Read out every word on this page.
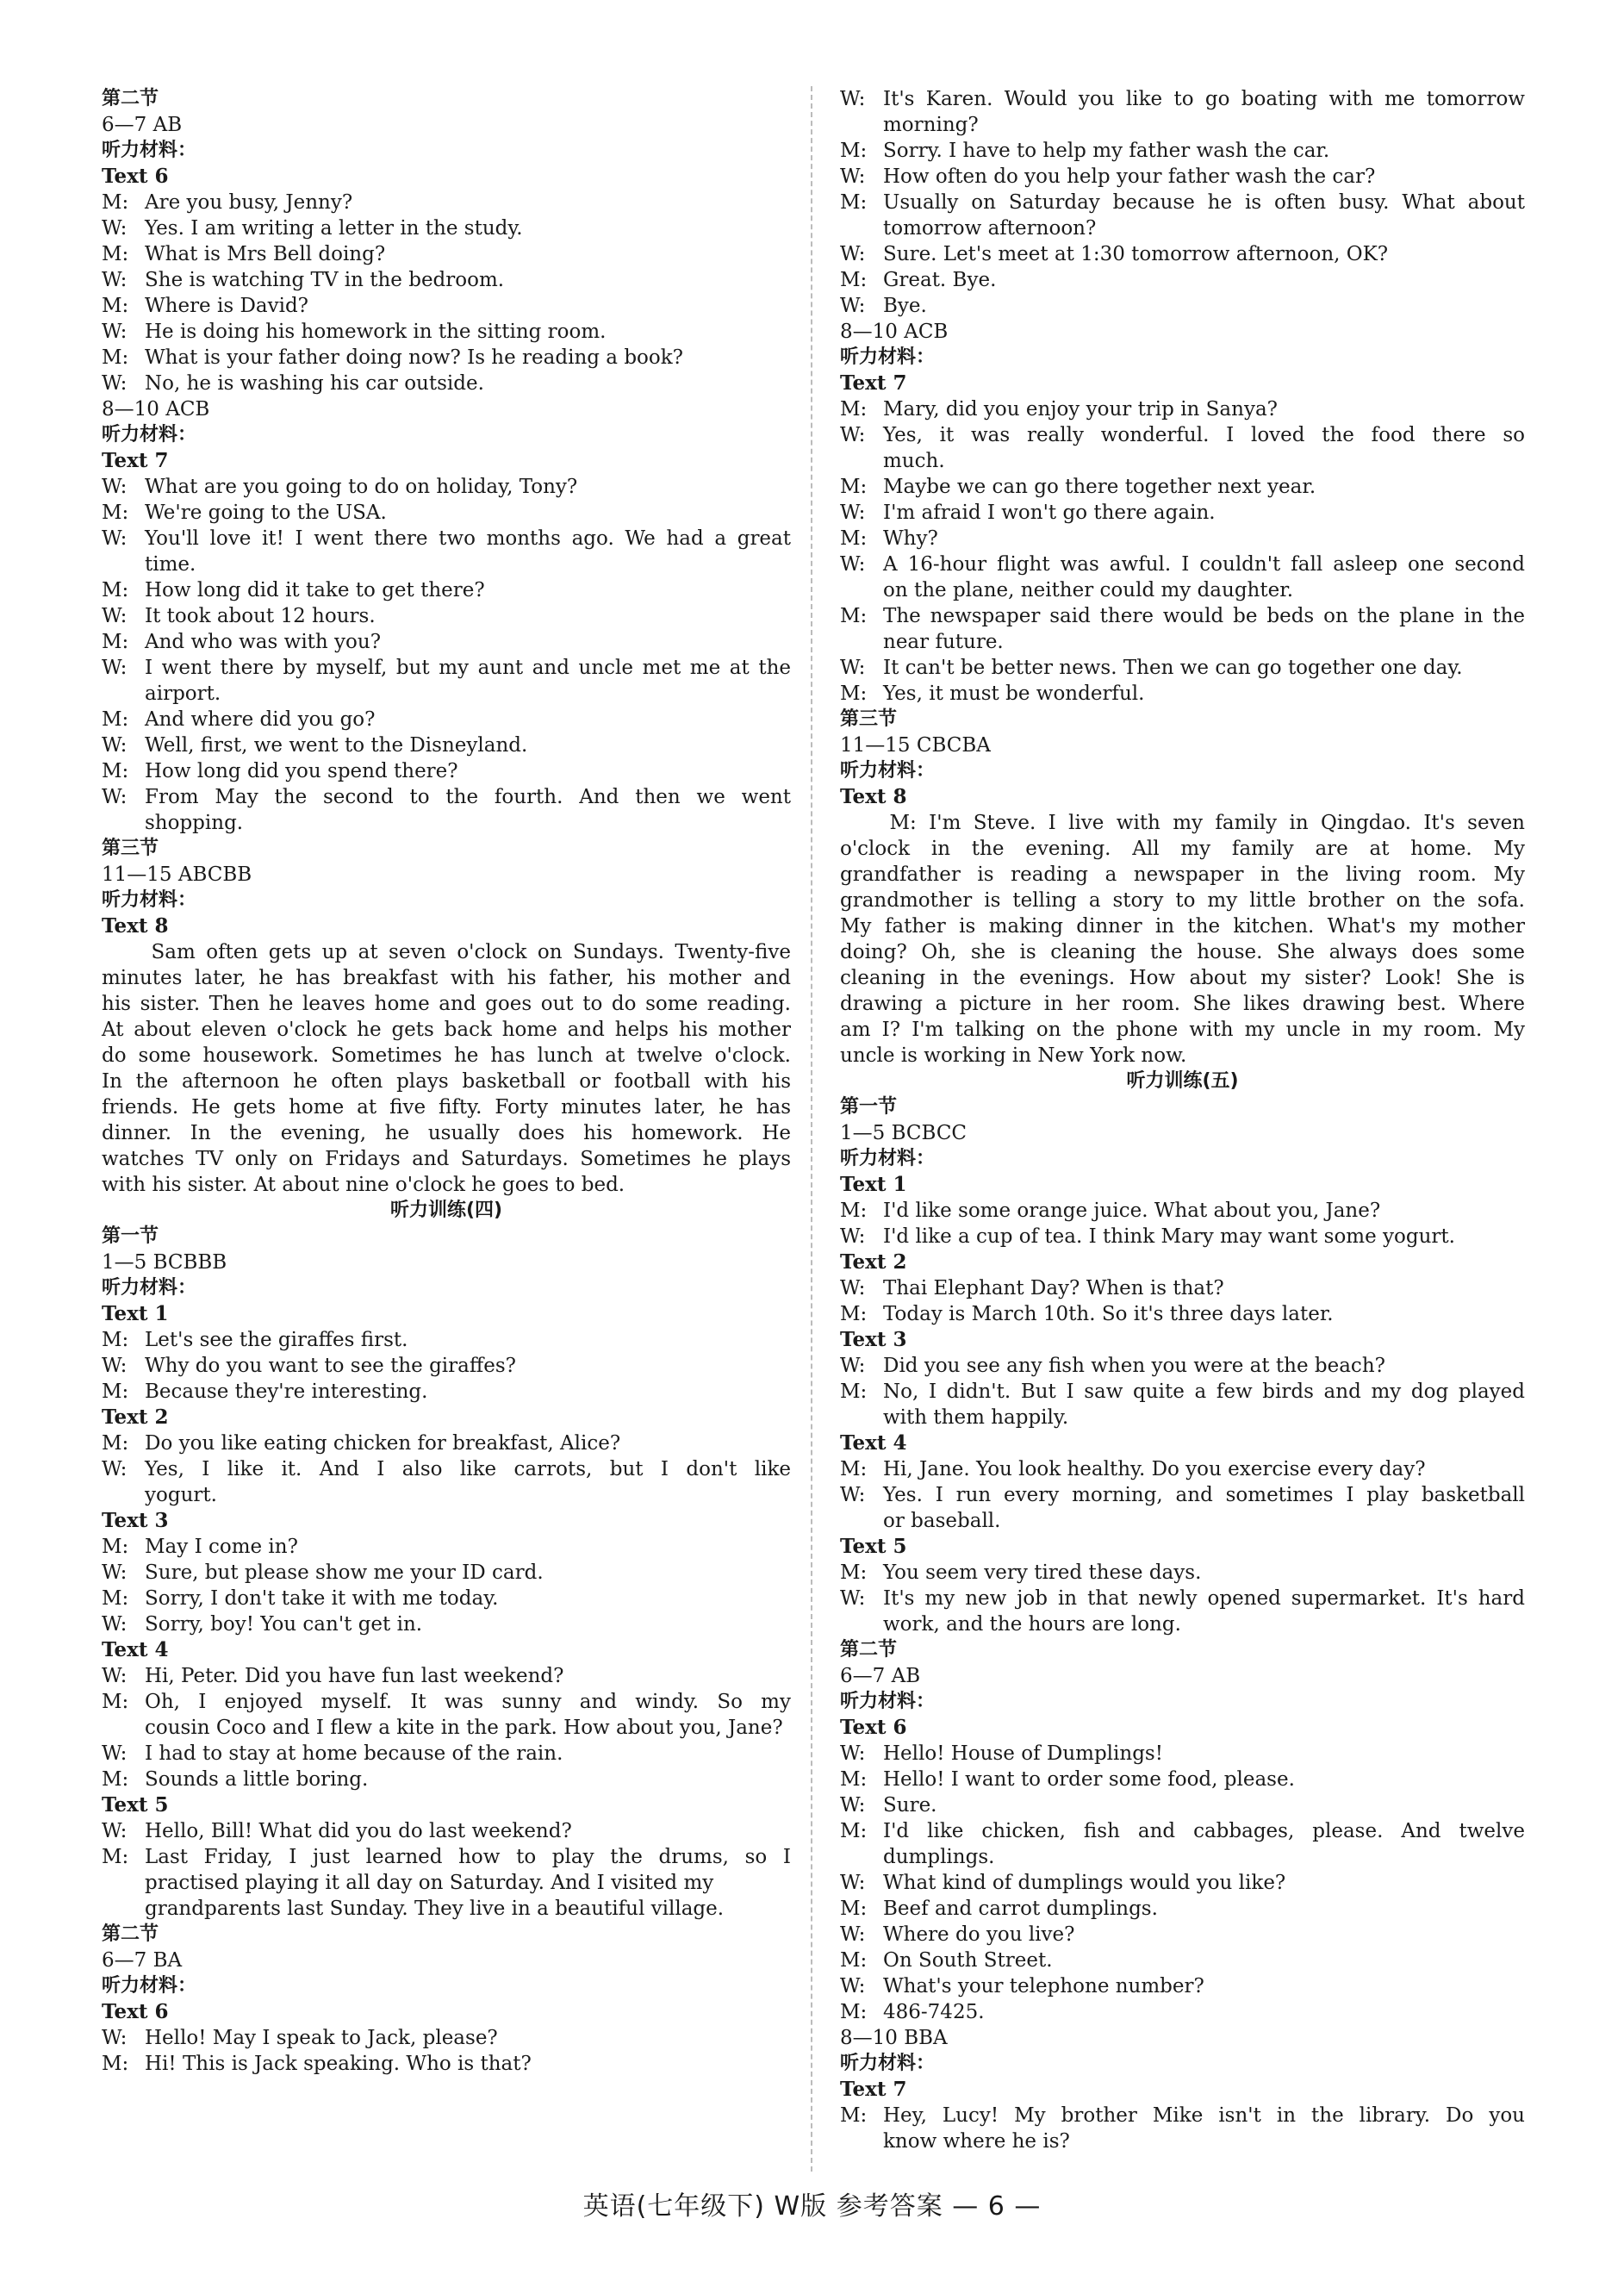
第二节
6—7 AB
听力材料：
Text 6
M: Are you busy, Jenny?
W: Yes. I am writing a letter in the study.
M: What is Mrs Bell doing?
W: She is watching TV in the bedroom.
M: Where is David?
W: He is doing his homework in the sitting room.
M: What is your father doing now? Is he reading a book?
W: No, he is washing his car outside.
8—10 ACB
听力材料：
Text 7
W: What are you going to do on holiday, Tony?
M: We're going to the USA.
W: You'll love it! I went there two months ago. We had a great
time.
M: How long did it take to get there?
W: It took about 12 hours.
M: And who was with you?
W: I went there by myself, but my aunt and uncle met me at the
airport.
M: And where did you go?
W: Well, first, we went to the Disneyland.
M: How long did you spend there?
W: From May the second to the fourth. And then we went
shopping.
第三节
11—15 ABCBB
听力材料：
Text 8
Sam often gets up at seven o'clock on Sundays. Twenty-five
minutes later, he has breakfast with his father, his mother and
his sister. Then he leaves home and goes out to do some reading.
At about eleven o'clock he gets back home and helps his mother
do some housework. Sometimes he has lunch at twelve o'clock.
In the afternoon he often plays basketball or football with his
friends. He gets home at five fifty. Forty minutes later, he has
dinner. In the evening, he usually does his homework. He
watches TV only on Fridays and Saturdays. Sometimes he plays
with his sister. At about nine o'clock he goes to bed.
听力训练(四)
第一节
1—5 BCBBB
听力材料：
Text 1
M: Let's see the giraffes first.
W: Why do you want to see the giraffes?
M: Because they're interesting.
Text 2
M: Do you like eating chicken for breakfast, Alice?
W: Yes, I like it. And I also like carrots, but I don't like
yogurt.
Text 3
M: May I come in?
W: Sure, but please show me your ID card.
M: Sorry, I don't take it with me today.
W: Sorry, boy! You can't get in.
Text 4
W: Hi, Peter. Did you have fun last weekend?
M: Oh, I enjoyed myself. It was sunny and windy. So my
cousin Coco and I flew a kite in the park. How about you, Jane?
W: I had to stay at home because of the rain.
M: Sounds a little boring.
Text 5
W: Hello, Bill! What did you do last weekend?
M: Last Friday, I just learned how to play the drums, so I
practised playing it all day on Saturday. And I visited my
grandparents last Sunday. They live in a beautiful village.
第二节
6—7 BA
听力材料：
Text 6
W: Hello! May I speak to Jack, please?
M: Hi! This is Jack speaking. Who is that?
W: It's Karen. Would you like to go boating with me tomorrow
morning?
M: Sorry. I have to help my father wash the car.
W: How often do you help your father wash the car?
M: Usually on Saturday because he is often busy. What about
tomorrow afternoon?
W: Sure. Let's meet at 1:30 tomorrow afternoon, OK?
M: Great. Bye.
W: Bye.
8—10 ACB
听力材料：
Text 7
M: Mary, did you enjoy your trip in Sanya?
W: Yes, it was really wonderful. I loved the food there so
much.
M: Maybe we can go there together next year.
W: I'm afraid I won't go there again.
M: Why?
W: A 16-hour flight was awful. I couldn't fall asleep one second
on the plane, neither could my daughter.
M: The newspaper said there would be beds on the plane in the
near future.
W: It can't be better news. Then we can go together one day.
M: Yes, it must be wonderful.
第三节
11—15 CBCBA
听力材料：
Text 8
M: I'm Steve. I live with my family in Qingdao. It's seven
o'clock in the evening. All my family are at home. My
grandfather is reading a newspaper in the living room. My
grandmother is telling a story to my little brother on the sofa.
My father is making dinner in the kitchen. What's my mother
doing? Oh, she is cleaning the house. She always does some
cleaning in the evenings. How about my sister? Look! She is
drawing a picture in her room. She likes drawing best. Where
am I? I'm talking on the phone with my uncle in my room. My
uncle is working in New York now.
听力训练(五)
第一节
1—5 BCBCC
听力材料：
Text 1
M: I'd like some orange juice. What about you, Jane?
W: I'd like a cup of tea. I think Mary may want some yogurt.
Text 2
W: Thai Elephant Day? When is that?
M: Today is March 10th. So it's three days later.
Text 3
W: Did you see any fish when you were at the beach?
M: No, I didn't. But I saw quite a few birds and my dog played
with them happily.
Text 4
M: Hi, Jane. You look healthy. Do you exercise every day?
W: Yes. I run every morning, and sometimes I play basketball
or baseball.
Text 5
M: You seem very tired these days.
W: It's my new job in that newly opened supermarket. It's hard
work, and the hours are long.
第二节
6—7 AB
听力材料：
Text 6
W: Hello! House of Dumplings!
M: Hello! I want to order some food, please.
W: Sure.
M: I'd like chicken, fish and cabbages, please. And twelve
dumplings.
W: What kind of dumplings would you like?
M: Beef and carrot dumplings.
W: Where do you live?
M: On South Street.
W: What's your telephone number?
M: 486-7425.
8—10 BBA
听力材料：
Text 7
M: Hey, Lucy! My brother Mike isn't in the library. Do you
know where he is?
英语(七年级下) W版 参考答案 — 6 —
